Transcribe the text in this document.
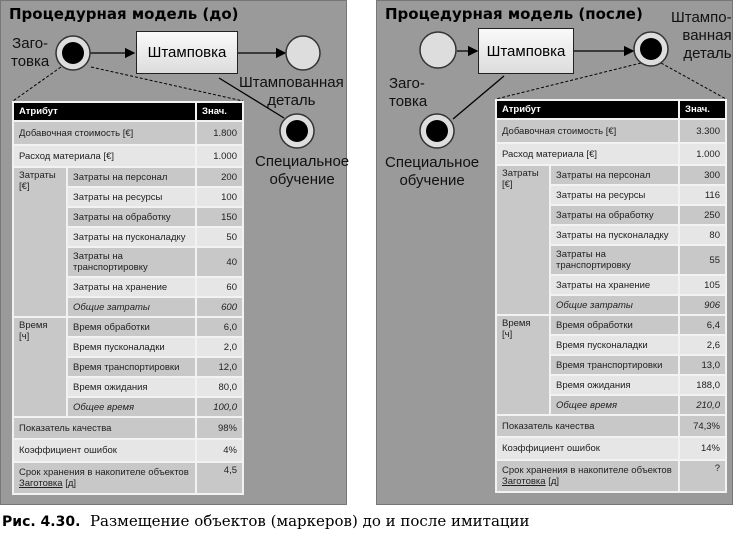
Процедурная модель (до)
Заго-
товка
Штамповка
Штампованная
деталь
Специальное
обучение
Атрибут		Знач.
Добавочная стоимость [€]		1.800
Расход материала [€]		1.000
Затраты
[€]	Затраты на персонал	200
	Затраты на ресурсы	100
	Затраты на обработку	150
	Затраты на пусконаладку	50
	Затраты на транспортировку	40
	Затраты на хранение	60
	Общие затраты	600
Время
[ч]	Время обработки	6,0
	Время пусконаладки	2,0
	Время транспортировки	12,0
	Время ожидания	80,0
	Общее время	100,0
Показатель качества		98%
Коэффициент ошибок		4%
Срок хранения в накопителе объектов Заготовка [д]		4,5
Процедурная модель (после)
Заго-
товка
Штамповка
Штампо-
ванная
деталь
Специальное
обучение
Атрибут		Знач.
Добавочная стоимость [€]		3.300
Расход материала [€]		1.000
Затраты
[€]	Затраты на персонал	300
	Затраты на ресурсы	116
	Затраты на обработку	250
	Затраты на пусконаладку	80
	Затраты на транспортировку	55
	Затраты на хранение	105
	Общие затраты	906
Время
[ч]	Время обработки	6,4
	Время пусконаладки	2,6
	Время транспортировки	13,0
	Время ожидания	188,0
	Общее время	210,0
Показатель качества		74,3%
Коэффициент ошибок		14%
Срок хранения в накопителе объектов Заготовка [д]		?
Рис. 4.30. Размещение объектов (маркеров) до и после имитации
